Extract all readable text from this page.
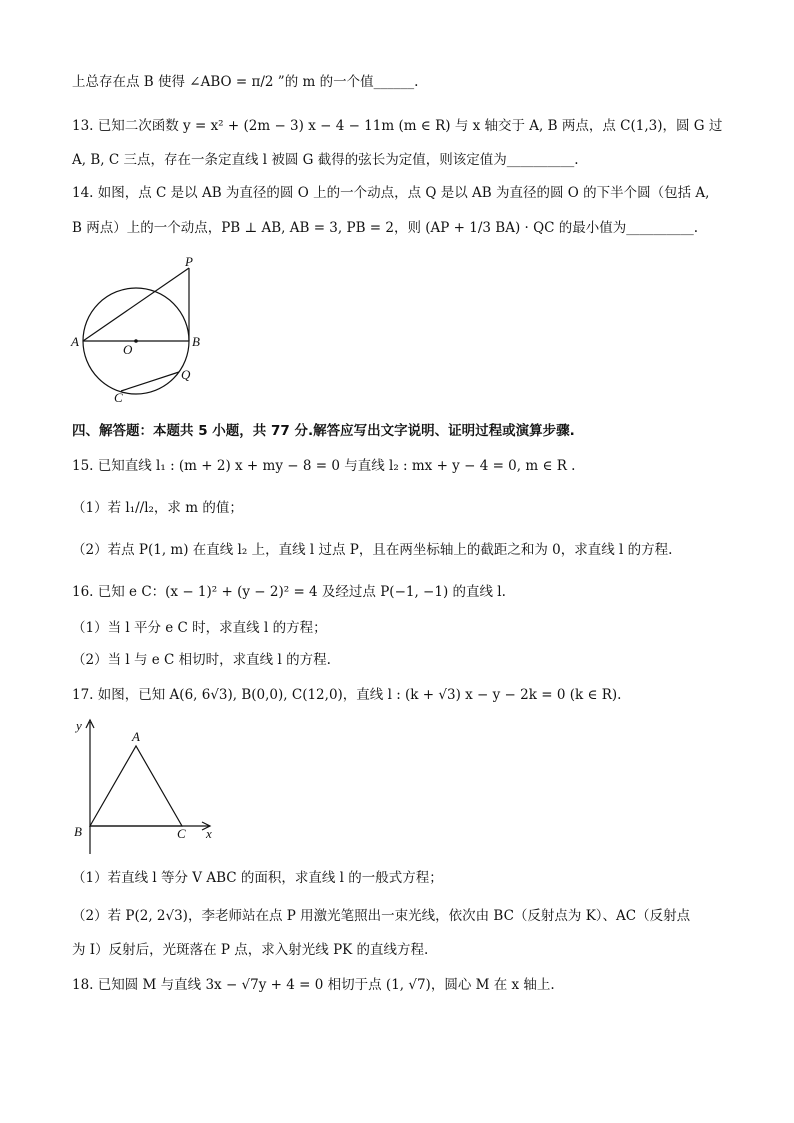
上总存在点 B 使得 ∠ABO = π/2 ”的 m 的一个值______.
13. 已知二次函数 y = x² + (2m − 3) x − 4 − 11m (m ∈ R) 与 x 轴交于 A, B 两点，点 C(1,3)，圆 G 过
A, B, C 三点，存在一条定直线 l 被圆 G 截得的弦长为定值，则该定值为__________.
14. 如图，点 C 是以 AB 为直径的圆 O 上的一个动点，点 Q 是以 AB 为直径的圆 O 的下半个圆（包括 A,
B 两点）上的一个动点，PB ⊥ AB, AB = 3, PB = 2，则 (AP + 1/3 BA) · QC 的最小值为__________.
P
A
O
B
Q
C
四、解答题：本题共 5 小题，共 77 分.解答应写出文字说明、证明过程或演算步骤.
15. 已知直线 l₁ : (m + 2) x + my − 8 = 0 与直线 l₂ : mx + y − 4 = 0, m ∈ R .
（1）若 l₁//l₂，求 m 的值；
（2）若点 P(1, m) 在直线 l₂ 上，直线 l 过点 P，且在两坐标轴上的截距之和为 0，求直线 l 的方程.
16. 已知 e C：(x − 1)² + (y − 2)² = 4 及经过点 P(−1, −1) 的直线 l.
（1）当 l 平分 e C 时，求直线 l 的方程；
（2）当 l 与 e C 相切时，求直线 l 的方程.
17. 如图，已知 A(6, 6√3), B(0,0), C(12,0)，直线 l : (k + √3) x − y − 2k = 0 (k ∈ R).
y
A
B	C x
（1）若直线 l 等分 V ABC 的面积，求直线 l 的一般式方程；
（2）若 P(2, 2√3)，李老师站在点 P 用激光笔照出一束光线，依次由 BC（反射点为 K）、AC（反射点
为 I）反射后，光斑落在 P 点，求入射光线 PK 的直线方程.
18. 已知圆 M 与直线 3x − √7y + 4 = 0 相切于点 (1, √7)，圆心 M 在 x 轴上.
